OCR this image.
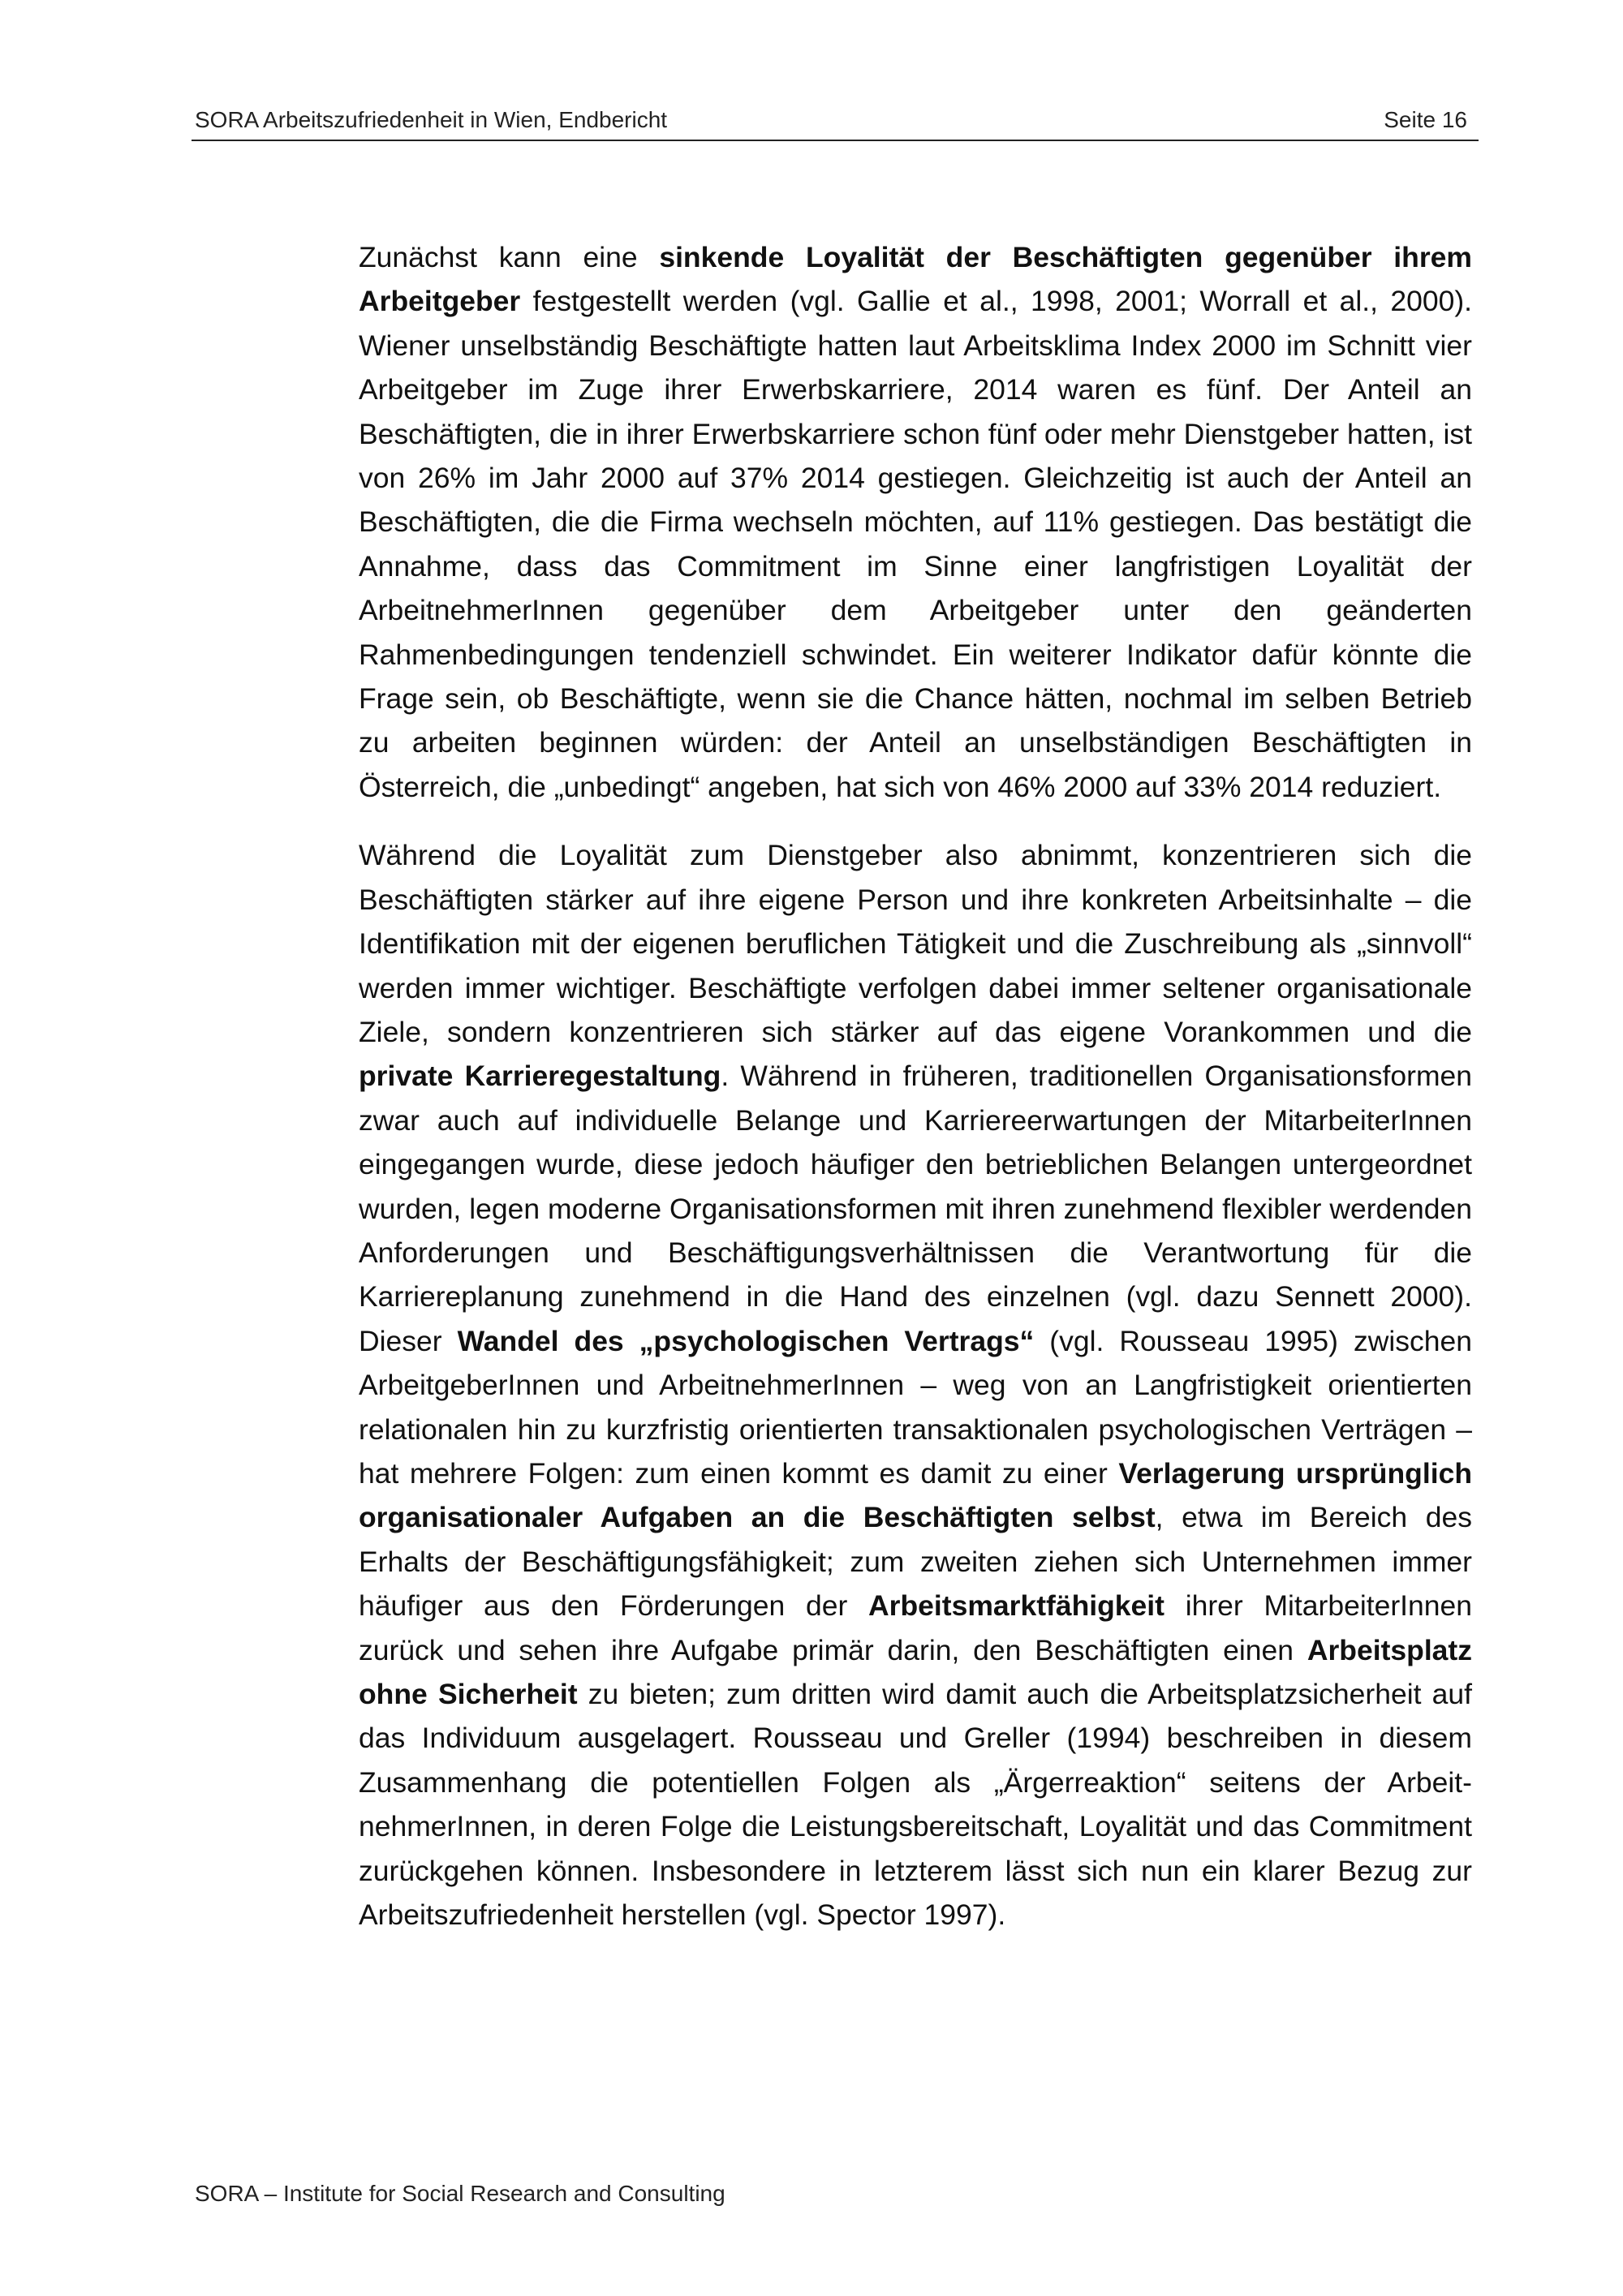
SORA Arbeitszufriedenheit in Wien, Endbericht	Seite 16

Zunächst kann eine sinkende Loyalität der Beschäftigten gegenüber ihrem Arbeitgeber festgestellt werden (vgl. Gallie et al., 1998, 2001; Worrall et al., 2000). Wiener unselbständig Beschäftigte hatten laut Arbeitsklima Index 2000 im Schnitt vier Arbeitgeber im Zuge ihrer Erwerbskarriere, 2014 waren es fünf. Der Anteil an Beschäftigten, die in ihrer Erwerbskarriere schon fünf oder mehr Dienstgeber hatten, ist von 26% im Jahr 2000 auf 37% 2014 gestiegen. Gleichzeitig ist auch der Anteil an Beschäftigten, die die Firma wechseln möchten, auf 11% gestiegen. Das bestätigt die Annahme, dass das Commitment im Sinne einer langfristigen Loyalität der ArbeitnehmerInnen gegenüber dem Arbeitgeber unter den geänderten Rahmenbedingungen tendenziell schwindet. Ein weiterer Indikator dafür könnte die Frage sein, ob Beschäftigte, wenn sie die Chance hätten, nochmal im selben Betrieb zu arbeiten beginnen würden: der Anteil an unselbständigen Beschäftigten in Österreich, die „unbedingt“ angeben, hat sich von 46% 2000 auf 33% 2014 reduziert.

Während die Loyalität zum Dienstgeber also abnimmt, konzentrieren sich die Beschäftigten stärker auf ihre eigene Person und ihre konkreten Arbeitsinhalte – die Identifikation mit der eigenen beruflichen Tätigkeit und die Zuschreibung als „sinnvoll“ werden immer wichtiger. Beschäftigte verfolgen dabei immer seltener organisationale Ziele, sondern konzentrieren sich stärker auf das eigene Vorankommen und die private Karrieregestaltung. Während in früheren, traditionellen Organisationsformen zwar auch auf individuelle Belange und Karriereerwartungen der MitarbeiterInnen eingegangen wurde, diese jedoch häufiger den betrieblichen Belangen untergeordnet wurden, legen moderne Organisationsformen mit ihren zunehmend flexibler werdenden Anforderungen und Beschäftigungsverhältnissen die Verantwortung für die Karriereplanung zunehmend in die Hand des einzelnen (vgl. dazu Sennett 2000). Dieser Wandel des „psychologischen Vertrags“ (vgl. Rousseau 1995) zwischen ArbeitgeberInnen und ArbeitnehmerInnen – weg von an Langfristigkeit orientierten relationalen hin zu kurzfristig orientierten transaktionalen psychologischen Verträgen – hat mehrere Folgen: zum einen kommt es damit zu einer Verlagerung ursprünglich organisationaler Aufgaben an die Beschäftigten selbst, etwa im Bereich des Erhalts der Beschäftigungsfähigkeit; zum zweiten ziehen sich Unternehmen immer häufiger aus den Förderungen der Arbeitsmarktfähigkeit ihrer MitarbeiterInnen zurück und sehen ihre Aufgabe primär darin, den Beschäftigten einen Arbeitsplatz ohne Sicherheit zu bieten; zum dritten wird damit auch die Arbeitsplatzsicherheit auf das Individuum ausgelagert. Rousseau und Greller (1994) beschreiben in diesem Zusammenhang die potentiellen Folgen als „Ärgerreaktion“ seitens der ArbeitnehmerInnen, in deren Folge die Leistungsbereitschaft, Loyalität und das Commitment zurückgehen können. Insbesondere in letzterem lässt sich nun ein klarer Bezug zur Arbeitszufriedenheit herstellen (vgl. Spector 1997).

SORA – Institute for Social Research and Consulting
